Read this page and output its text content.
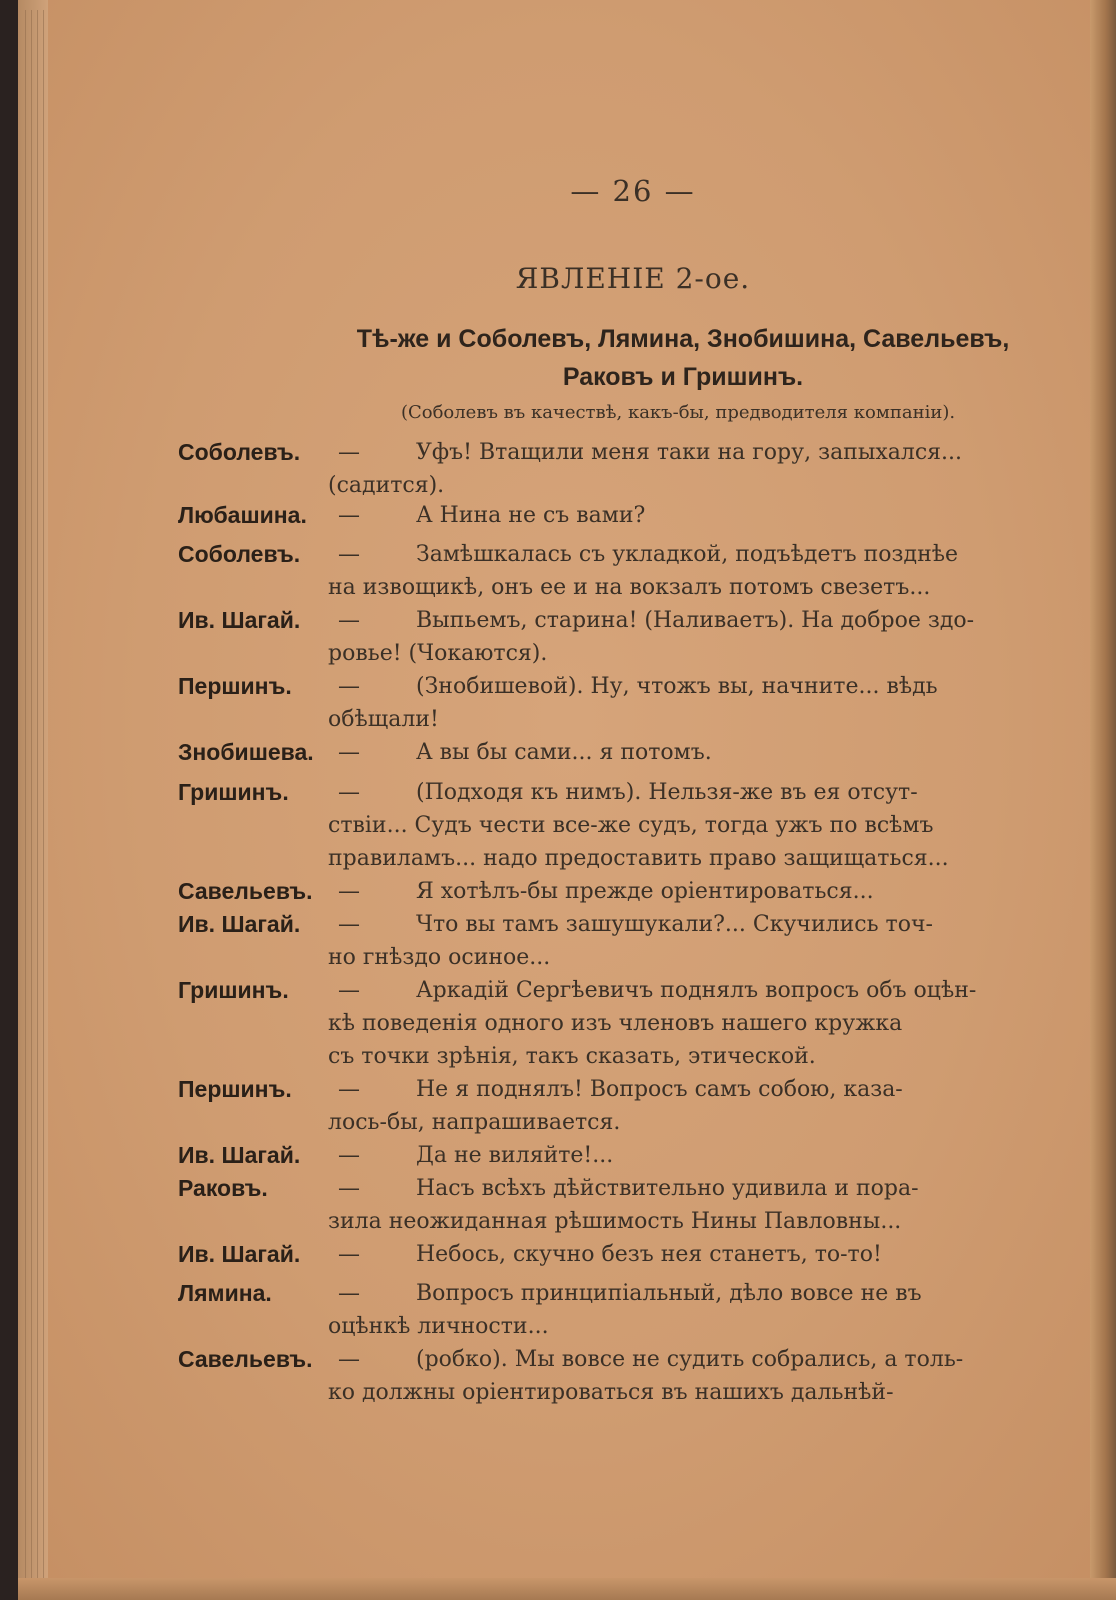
— 26 —
ЯВЛЕНІЕ 2-ое.
Тѣ-же и Соболевъ, Лямина, Знобишина, Савельевъ,
Раковъ и Гришинъ.
(Соболевъ въ качествѣ, какъ-бы, предводителя компаніи).
Соболевъ. —	Уфъ! Втащили меня таки на гору, запыхался...
(садится).
Любашина. —	А Нина не съ вами?
Соболевъ. —	Замѣшкалась съ укладкой, подъѣдетъ позднѣе
на извощикѣ, онъ ее и на вокзалъ потомъ свезетъ...
Ив. Шагай. —	Выпьемъ, старина! (Наливаетъ). На доброе здо-
ровье! (Чокаются).
Першинъ. —	(Знобишевой). Ну, чтожъ вы, начните... вѣдь
обѣщали!
Знобишева. —	А вы бы сами... я потомъ.
Гришинъ. —	(Подходя къ нимъ). Нельзя-же въ ея отсут-
ствіи... Судъ чести все-же судъ, тогда ужъ по всѣмъ
правиламъ... надо предоставить право защищаться...
Савельевъ. —	Я хотѣлъ-бы прежде оріентироваться...
Ив. Шагай. —	Что вы тамъ зашушукали?... Скучились точ-
но гнѣздо осиное...
Гришинъ. —	Аркадій Сергѣевичъ поднялъ вопросъ объ оцѣн-
кѣ поведенія одного изъ членовъ нашего кружка
съ точки зрѣнія, такъ сказать, этической.
Першинъ. —	Не я поднялъ! Вопросъ самъ собою, каза-
лось-бы, напрашивается.
Ив. Шагай. —	Да не виляйте!...
Раковъ.	—	Насъ всѣхъ дѣйствительно удивила и пора-
зила неожиданная рѣшимость Нины Павловны...
Ив. Шагай. —	Небось, скучно безъ нея станетъ, то-то!
Лямина.	—	Вопросъ принципіальный, дѣло вовсе не въ
оцѣнкѣ личности...
Савельевъ. —	(робко). Мы вовсе не судить собрались, а толь-
ко должны оріентироваться въ нашихъ дальнѣй-
